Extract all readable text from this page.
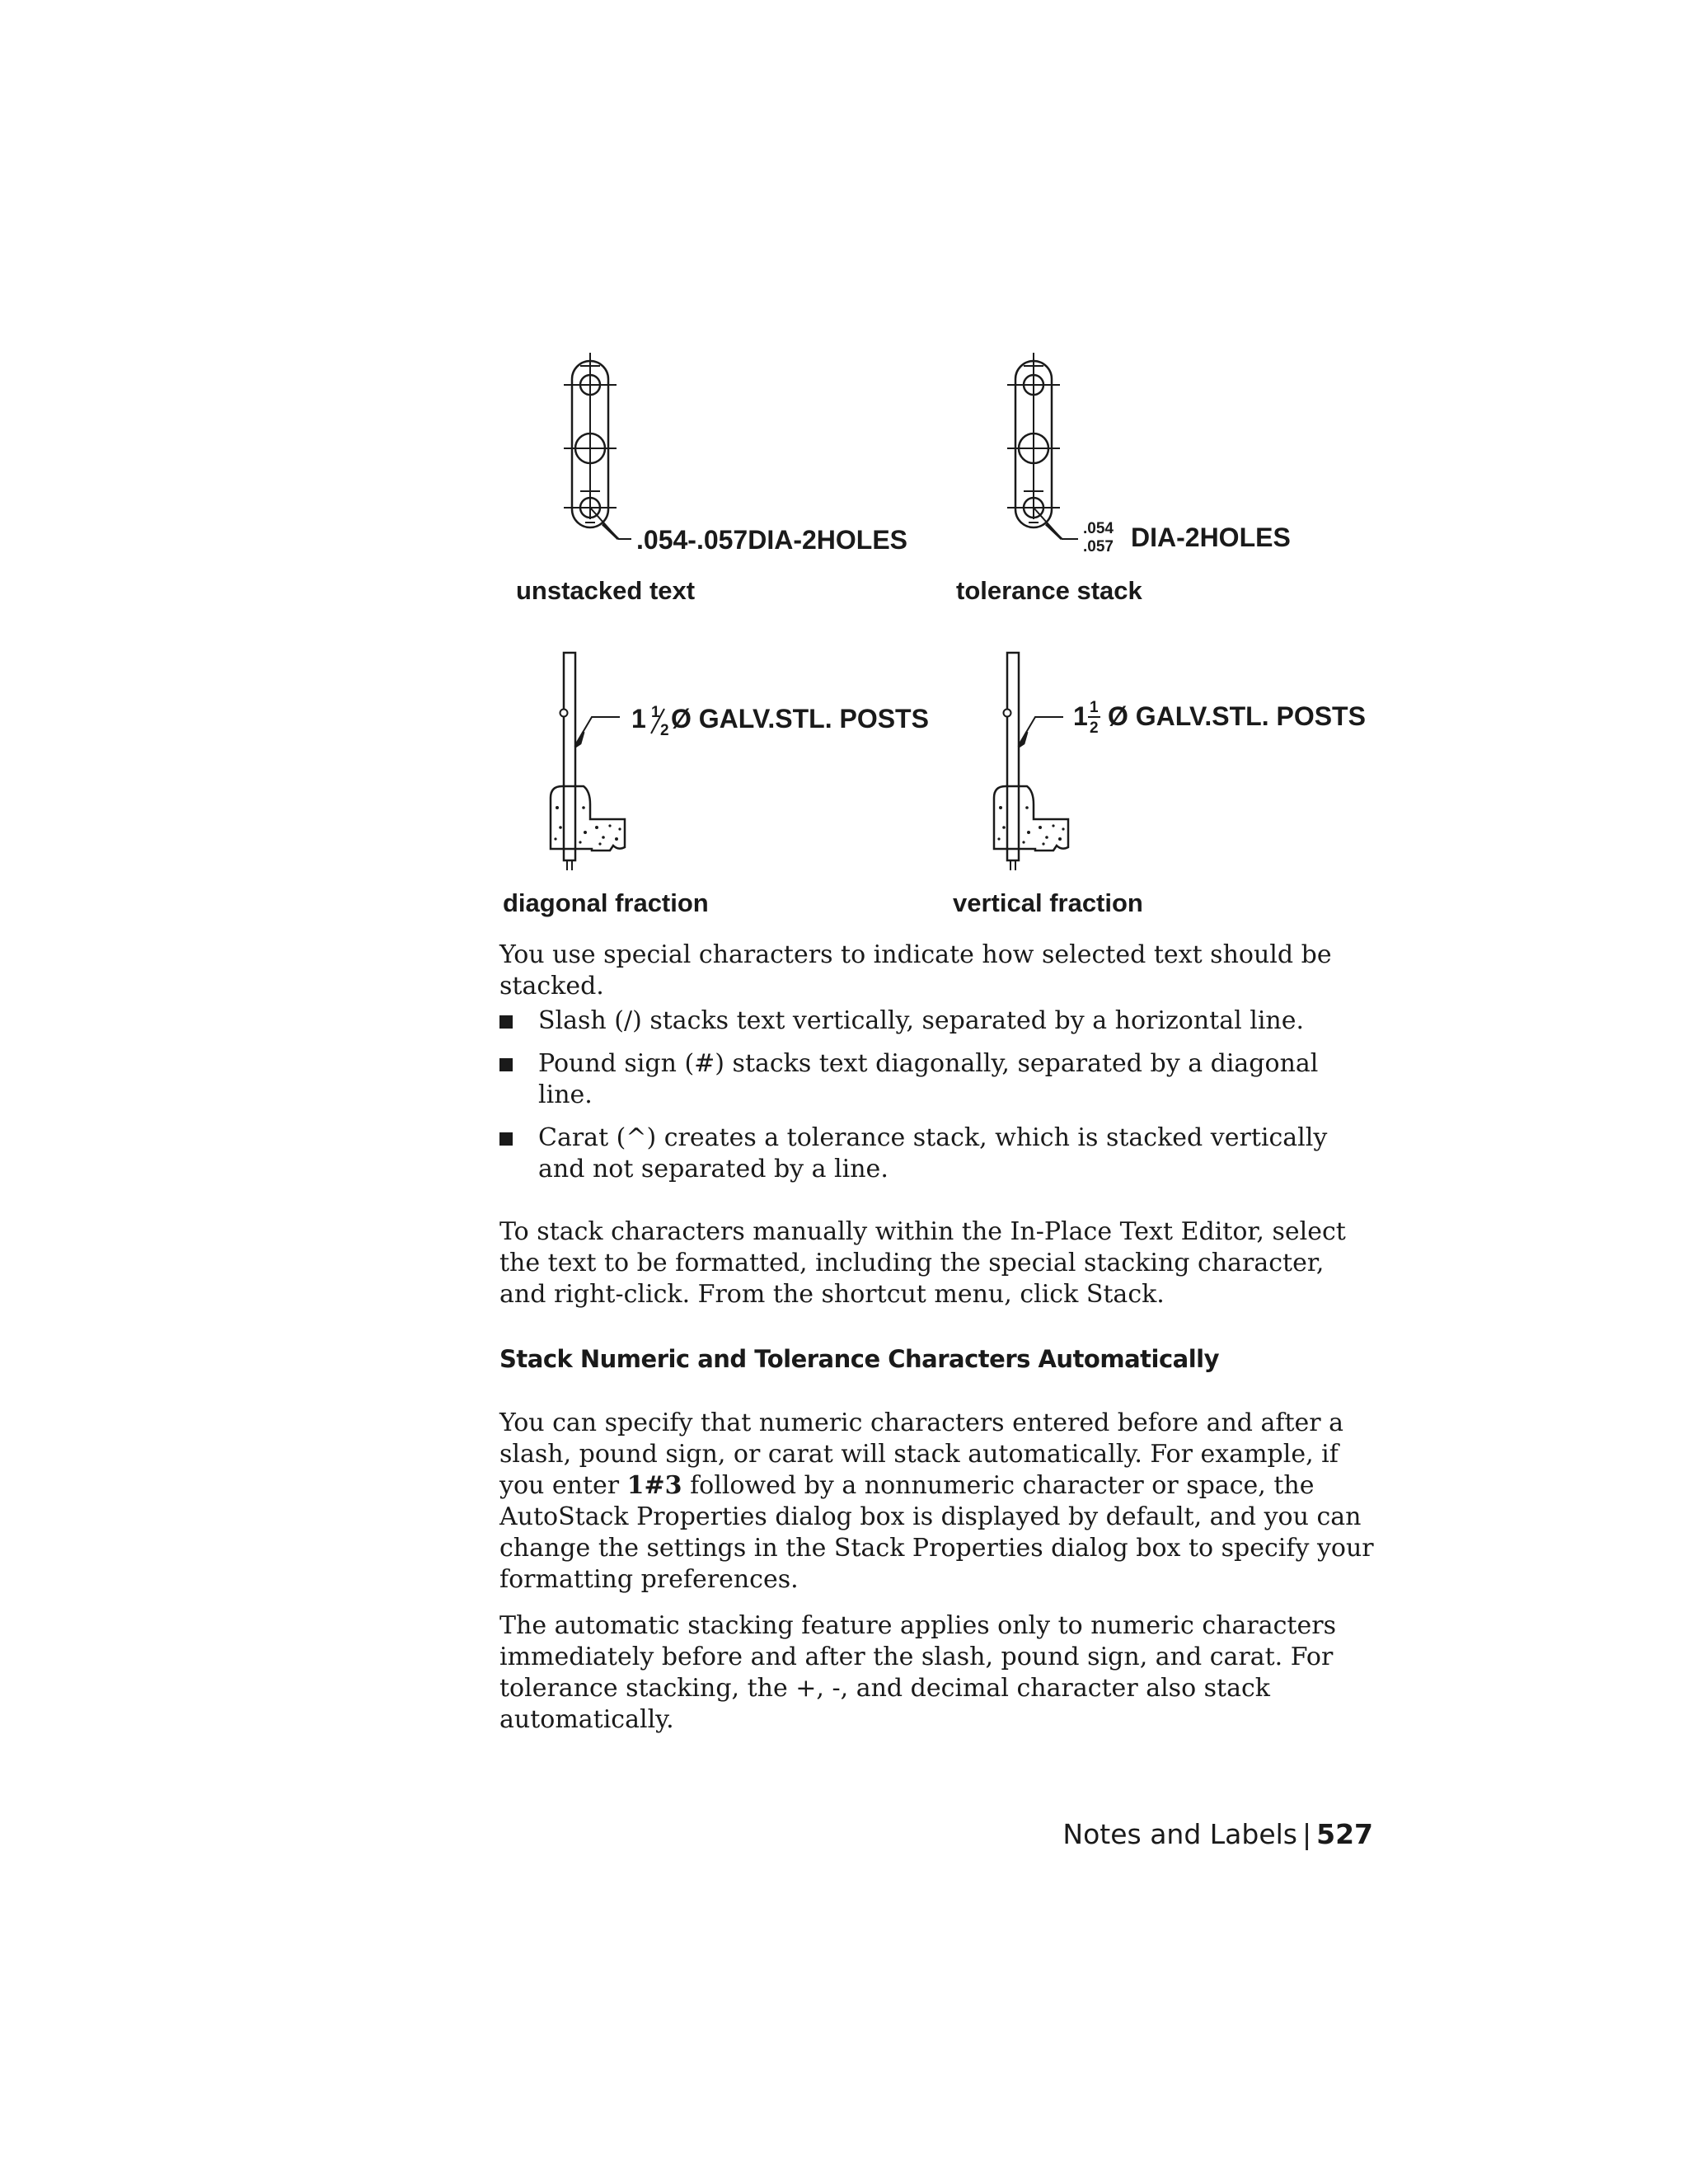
.054-.057DIA-2HOLES
unstacked text
.054
.057 DIA-2HOLES
tolerance stack
1 1
2 Ø GALV.STL. POSTS
diagonal fraction
1 1
2 Ø GALV.STL. POSTS
vertical fraction

You use special characters to indicate how selected text should be stacked.

Slash (/) stacks text vertically, separated by a horizontal line.
Pound sign (#) stacks text diagonally, separated by a diagonal line.
Carat (^) creates a tolerance stack, which is stacked vertically and not separated by a line.

To stack characters manually within the In-Place Text Editor, select the text to be formatted, including the special stacking character, and right-click. From the shortcut menu, click Stack.

Stack Numeric and Tolerance Characters Automatically

You can specify that numeric characters entered before and after a slash, pound sign, or carat will stack automatically. For example, if you enter 1#3 followed by a nonnumeric character or space, the AutoStack Properties dialog box is displayed by default, and you can change the settings in the Stack Properties dialog box to specify your formatting preferences.

The automatic stacking feature applies only to numeric characters immediately before and after the slash, pound sign, and carat. For tolerance stacking, the +, -, and decimal character also stack automatically.

Notes and Labels | 527
